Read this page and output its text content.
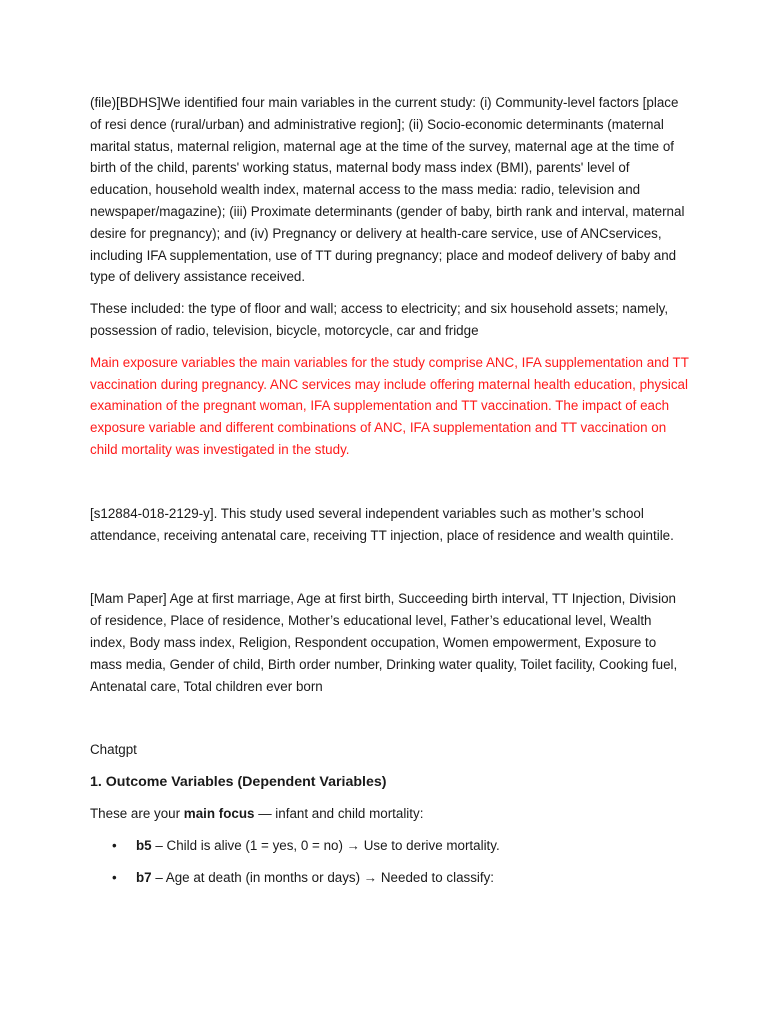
(file)[BDHS]We identified four main variables in the current study: (i) Community-level factors [place of resi dence (rural/urban) and administrative region]; (ii) Socio-economic determinants (maternal marital status, maternal religion, maternal age at the time of the survey, maternal age at the time of birth of the child, parents' working status, maternal body mass index (BMI), parents' level of education, household wealth index, maternal access to the mass media: radio, television and newspaper/magazine); (iii) Proximate determinants (gender of baby, birth rank and interval, maternal desire for pregnancy); and (iv) Pregnancy or delivery at health-care service, use of ANCservices, including IFA supplementation, use of TT during pregnancy; place and modeof delivery of baby and type of delivery assistance received.

These included: the type of floor and wall; access to electricity; and six household assets; namely, possession of radio, television, bicycle, motorcycle, car and fridge

Main exposure variables the main variables for the study comprise ANC, IFA supplementation and TT vaccination during pregnancy. ANC services may include offering maternal health education, physical examination of the pregnant woman, IFA supplementation and TT vaccination. The impact of each exposure variable and different combinations of ANC, IFA supplementation and TT vaccination on child mortality was investigated in the study.

[s12884-018-2129-y]. This study used several independent variables such as mother’s school attendance, receiving antenatal care, receiving TT injection, place of residence and wealth quintile.

[Mam Paper] Age at first marriage, Age at first birth, Succeeding birth interval, TT Injection, Division of residence, Place of residence, Mother’s educational level, Father’s educational level, Wealth index, Body mass index, Religion, Respondent occupation, Women empowerment, Exposure to mass media, Gender of child, Birth order number, Drinking water quality, Toilet facility, Cooking fuel, Antenatal care, Total children ever born

Chatgpt

1. Outcome Variables (Dependent Variables)

These are your main focus — infant and child mortality:

• b5 – Child is alive (1 = yes, 0 = no) → Use to derive mortality.
• b7 – Age at death (in months or days) → Needed to classify:
